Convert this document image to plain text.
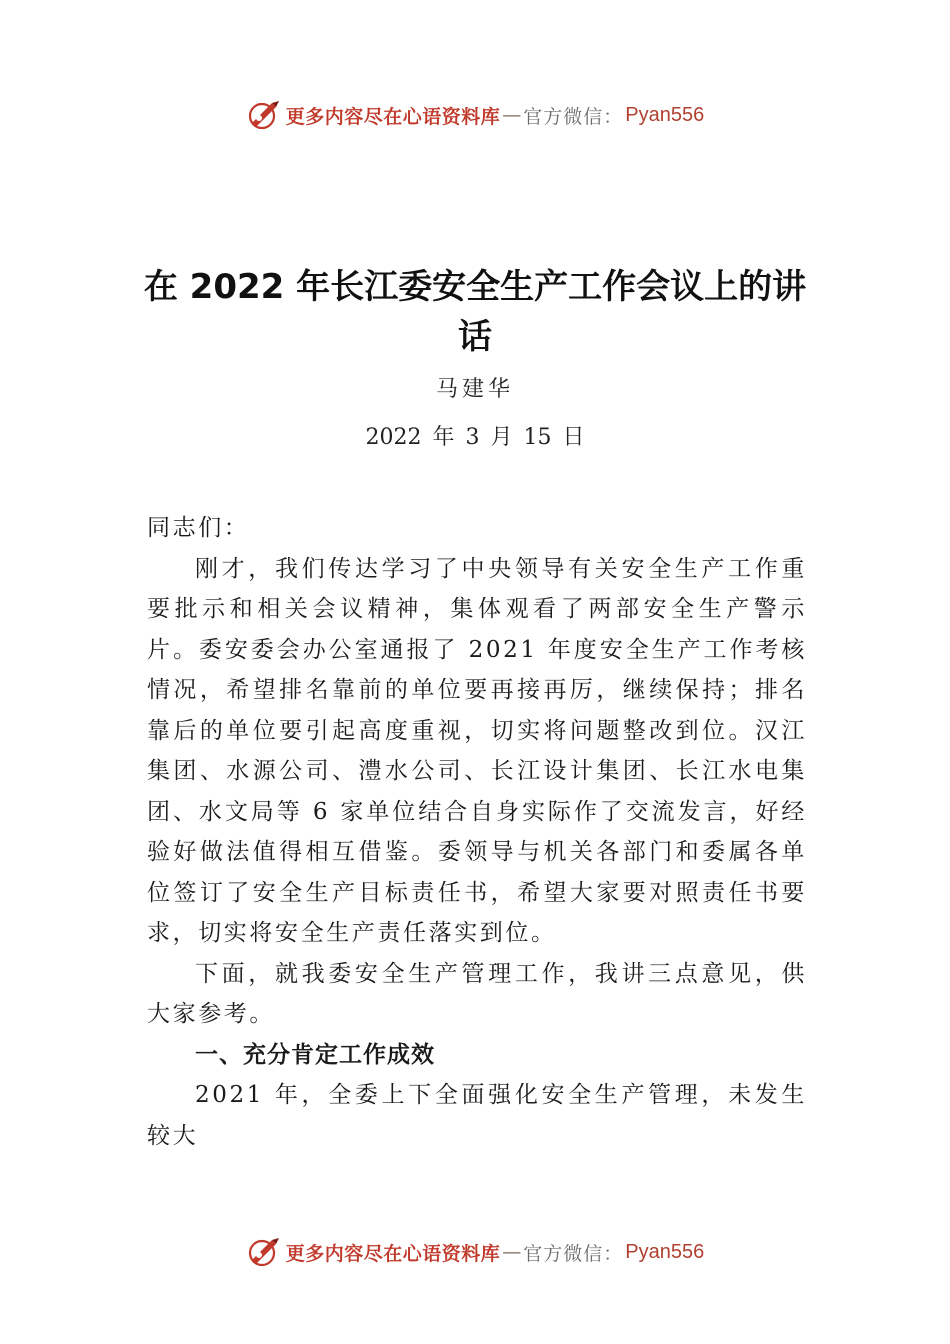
更多内容尽在心语资料库 — 官方微信： Pyan556
在 2022 年长江委安全生产工作会议上的讲话
马建华
2022 年 3 月 15 日

同志们：

刚才，我们传达学习了中央领导有关安全生产工作重要批示和相关会议精神，集体观看了两部安全生产警示片。委安委会办公室通报了 2021 年度安全生产工作考核情况，希望排名靠前的单位要再接再厉，继续保持；排名靠后的单位要引起高度重视，切实将问题整改到位。汉江集团、水源公司、澧水公司、长江设计集团、长江水电集团、水文局等 6 家单位结合自身实际作了交流发言，好经验好做法值得相互借鉴。委领导与机关各部门和委属各单位签订了安全生产目标责任书，希望大家要对照责任书要求，切实将安全生产责任落实到位。

下面，就我委安全生产管理工作，我讲三点意见，供大家参考。

一、充分肯定工作成效

2021 年，全委上下全面强化安全生产管理，未发生较大

更多内容尽在心语资料库 — 官方微信： Pyan556
